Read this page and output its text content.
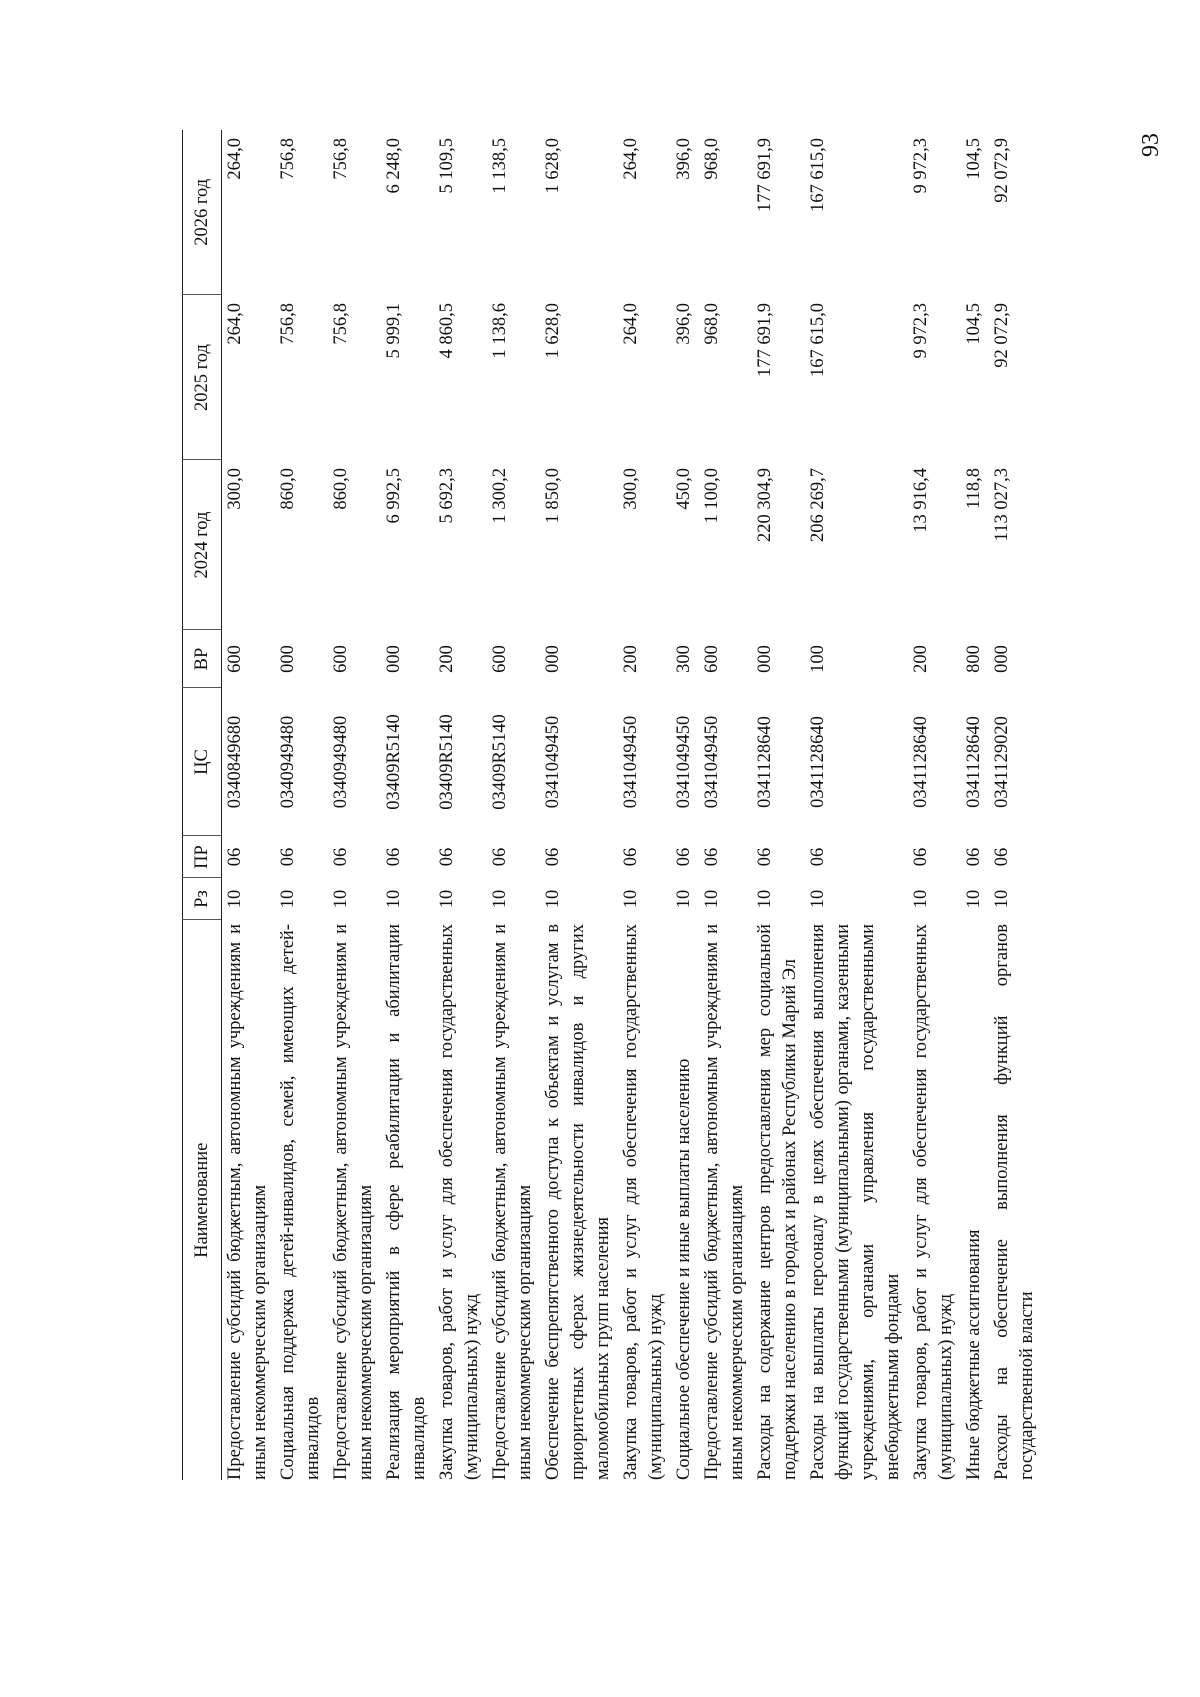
93
Наименование	Рз	ПР	ЦС	ВР	2024 год	2025 год	2026 год
Предоставление субсидий бюджетным, автономным учреждениям и иным некоммерческим организациям	10	06	0340849680	600	300,0	264,0	264,0
Социальная поддержка детей-инвалидов, семей, имеющих детей-инвалидов	10	06	0340949480	000	860,0	756,8	756,8
Предоставление субсидий бюджетным, автономным учреждениям и иным некоммерческим организациям	10	06	0340949480	600	860,0	756,8	756,8
Реализация мероприятий в сфере реабилитации и абилитации инвалидов	10	06	03409R5140	000	6 992,5	5 999,1	6 248,0
Закупка товаров, работ и услуг для обеспечения государственных (муниципальных) нужд	10	06	03409R5140	200	5 692,3	4 860,5	5 109,5
Предоставление субсидий бюджетным, автономным учреждениям и иным некоммерческим организациям	10	06	03409R5140	600	1 300,2	1 138,6	1 138,5
Обеспечение беспрепятственного доступа к объектам и услугам в приоритетных сферах жизнедеятельности инвалидов и других маломобильных групп населения	10	06	0341049450	000	1 850,0	1 628,0	1 628,0
Закупка товаров, работ и услуг для обеспечения государственных (муниципальных) нужд	10	06	0341049450	200	300,0	264,0	264,0
Социальное обеспечение и иные выплаты населению	10	06	0341049450	300	450,0	396,0	396,0
Предоставление субсидий бюджетным, автономным учреждениям и иным некоммерческим организациям	10	06	0341049450	600	1 100,0	968,0	968,0
Расходы на содержание центров предоставления мер социальной поддержки населению в городах и районах Республики Марий Эл	10	06	0341128640	000	220 304,9	177 691,9	177 691,9
Расходы на выплаты персоналу в целях обеспечения выполнения функций государственными (муниципальными) органами, казенными учреждениями, органами управления государственными внебюджетными фондами	10	06	0341128640	100	206 269,7	167 615,0	167 615,0
Закупка товаров, работ и услуг для обеспечения государственных (муниципальных) нужд	10	06	0341128640	200	13 916,4	9 972,3	9 972,3
Иные бюджетные ассигнования	10	06	0341128640	800	118,8	104,5	104,5
Расходы на обеспечение выполнения функций органов государственной власти	10	06	0341129020	000	113 027,3	92 072,9	92 072,9
